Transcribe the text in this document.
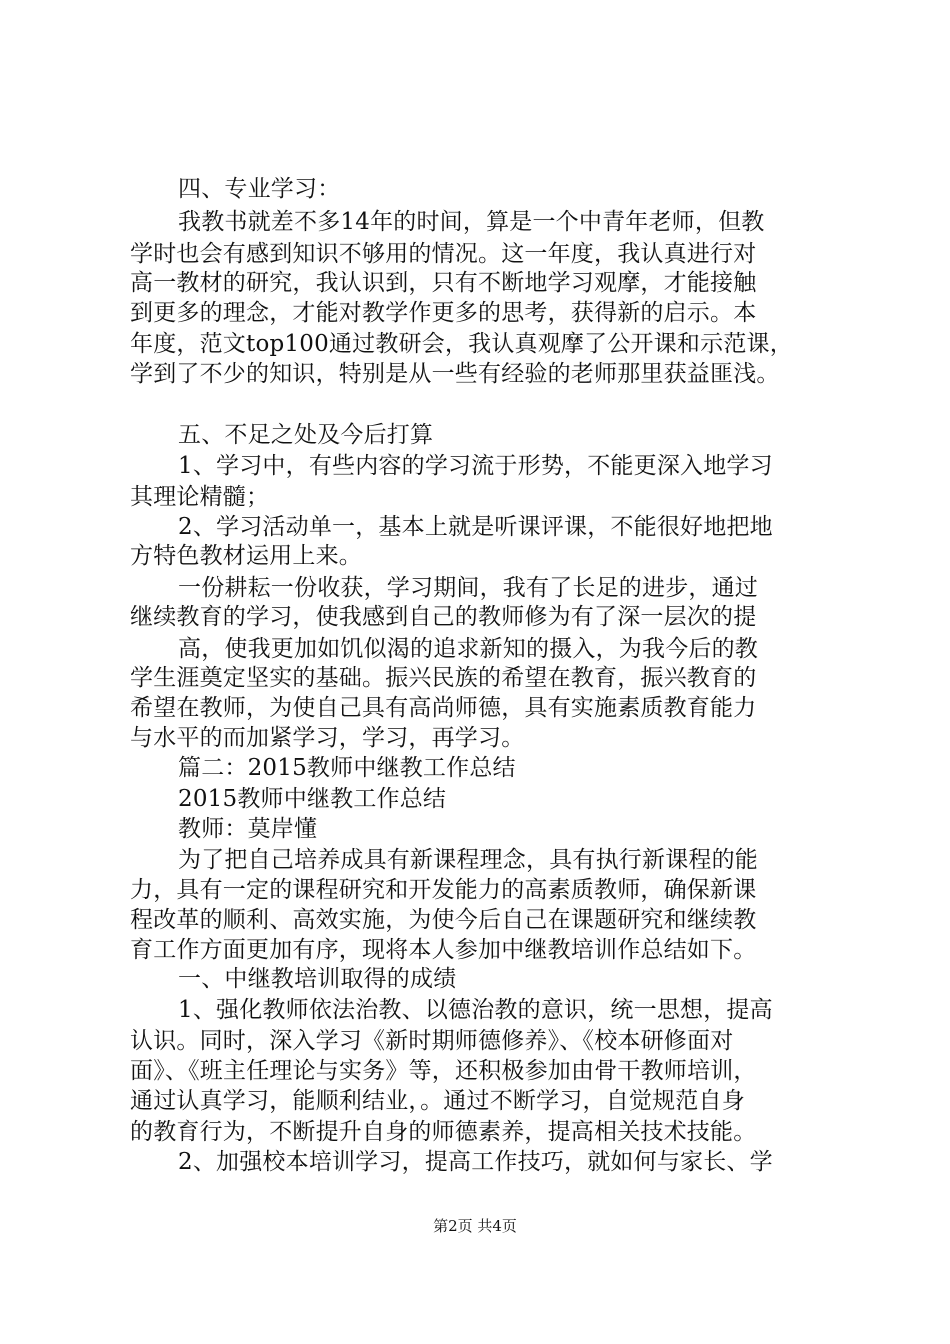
四、专业学习：
我教书就差不多14年的时间，算是一个中青年老师，但教
学时也会有感到知识不够用的情况。这一年度，我认真进行对
高一教材的研究，我认识到，只有不断地学习观摩，才能接触
到更多的理念，才能对教学作更多的思考，获得新的启示。本
年度，范文top100通过教研会，我认真观摩了公开课和示范课，
学到了不少的知识，特别是从一些有经验的老师那里获益匪浅。
五、不足之处及今后打算
1、学习中，有些内容的学习流于形势，不能更深入地学习
其理论精髓；
2、学习活动单一，基本上就是听课评课，不能很好地把地
方特色教材运用上来。
一份耕耘一份收获，学习期间，我有了长足的进步，通过
继续教育的学习，使我感到自己的教师修为有了深一层次的提
高，使我更加如饥似渴的追求新知的摄入，为我今后的教
学生涯奠定坚实的基础。振兴民族的希望在教育，振兴教育的
希望在教师，为使自己具有高尚师德，具有实施素质教育能力
与水平的而加紧学习，学习，再学习。
篇二：2015教师中继教工作总结
2015教师中继教工作总结
教师：莫岸懂
为了把自己培养成具有新课程理念，具有执行新课程的能
力，具有一定的课程研究和开发能力的高素质教师，确保新课
程改革的顺利、高效实施，为使今后自己在课题研究和继续教
育工作方面更加有序，现将本人参加中继教培训作总结如下。
一、中继教培训取得的成绩
1、强化教师依法治教、以德治教的意识，统一思想，提高
认识。同时，深入学习《新时期师德修养》、《校本研修面对
面》、《班主任理论与实务》等，还积极参加由骨干教师培训，
通过认真学习，能顺利结业，。通过不断学习，自觉规范自身
的教育行为，不断提升自身的师德素养，提高相关技术技能。
2、加强校本培训学习，提高工作技巧，就如何与家长、学
第2页 共4页
